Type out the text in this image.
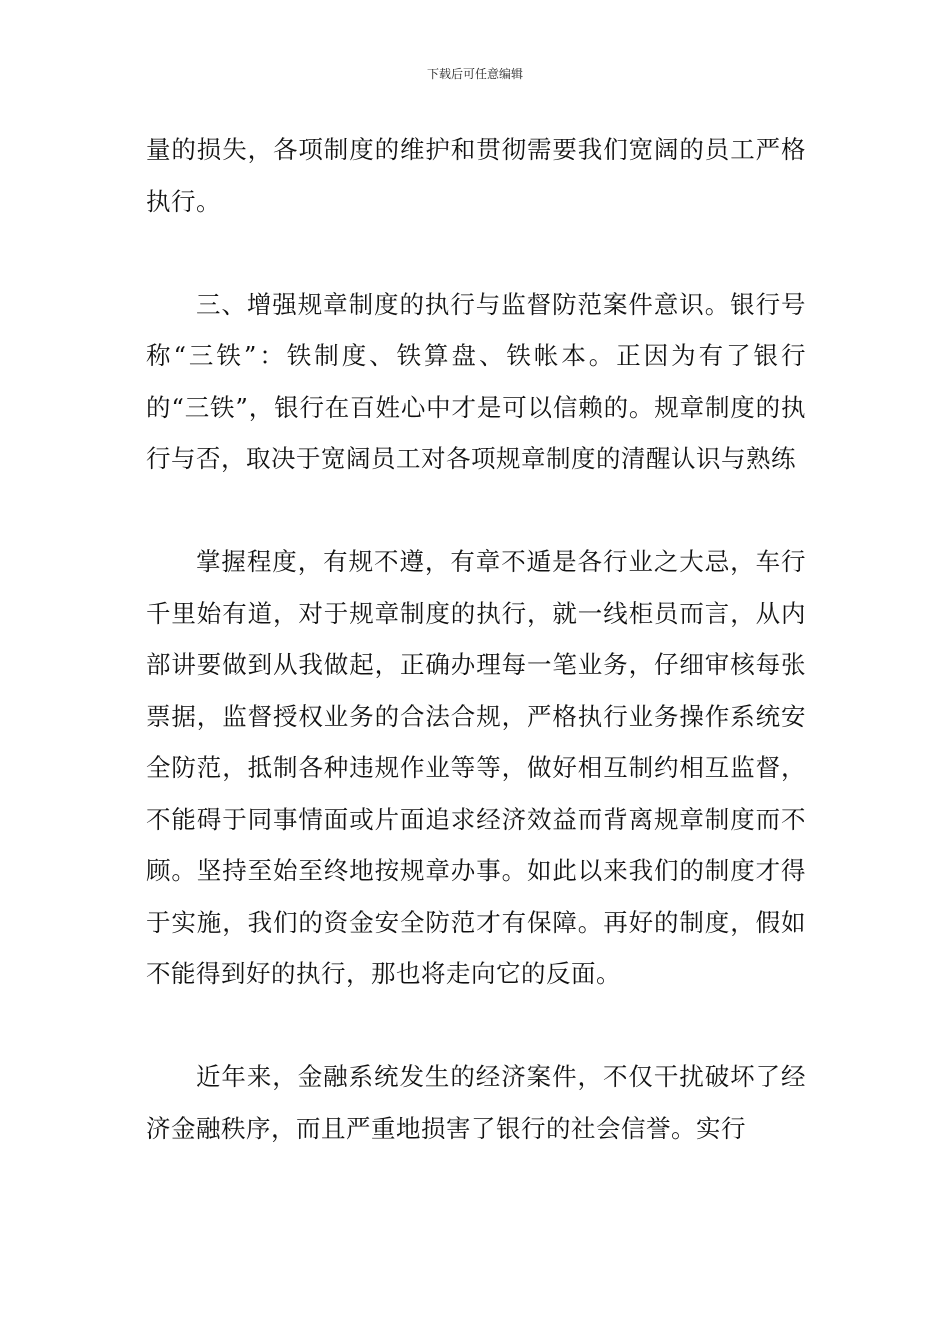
下载后可任意编辑

量的损失，各项制度的维护和贯彻需要我们宽阔的员工严格执行。

三、增强规章制度的执行与监督防范案件意识。银行号称“三铁”：铁制度、铁算盘、铁帐本。正因为有了银行的“三铁”，银行在百姓心中才是可以信赖的。规章制度的执行与否，取决于宽阔员工对各项规章制度的清醒认识与熟练

掌握程度，有规不遵，有章不遁是各行业之大忌，车行千里始有道，对于规章制度的执行，就一线柜员而言，从内部讲要做到从我做起，正确办理每一笔业务，仔细审核每张票据，监督授权业务的合法合规，严格执行业务操作系统安全防范，抵制各种违规作业等等，做好相互制约相互监督，不能碍于同事情面或片面追求经济效益而背离规章制度而不顾。坚持至始至终地按规章办事。如此以来我们的制度才得于实施，我们的资金安全防范才有保障。再好的制度，假如不能得到好的执行，那也将走向它的反面。

近年来，金融系统发生的经济案件，不仅干扰破坏了经济金融秩序，而且严重地损害了银行的社会信誉。实行
